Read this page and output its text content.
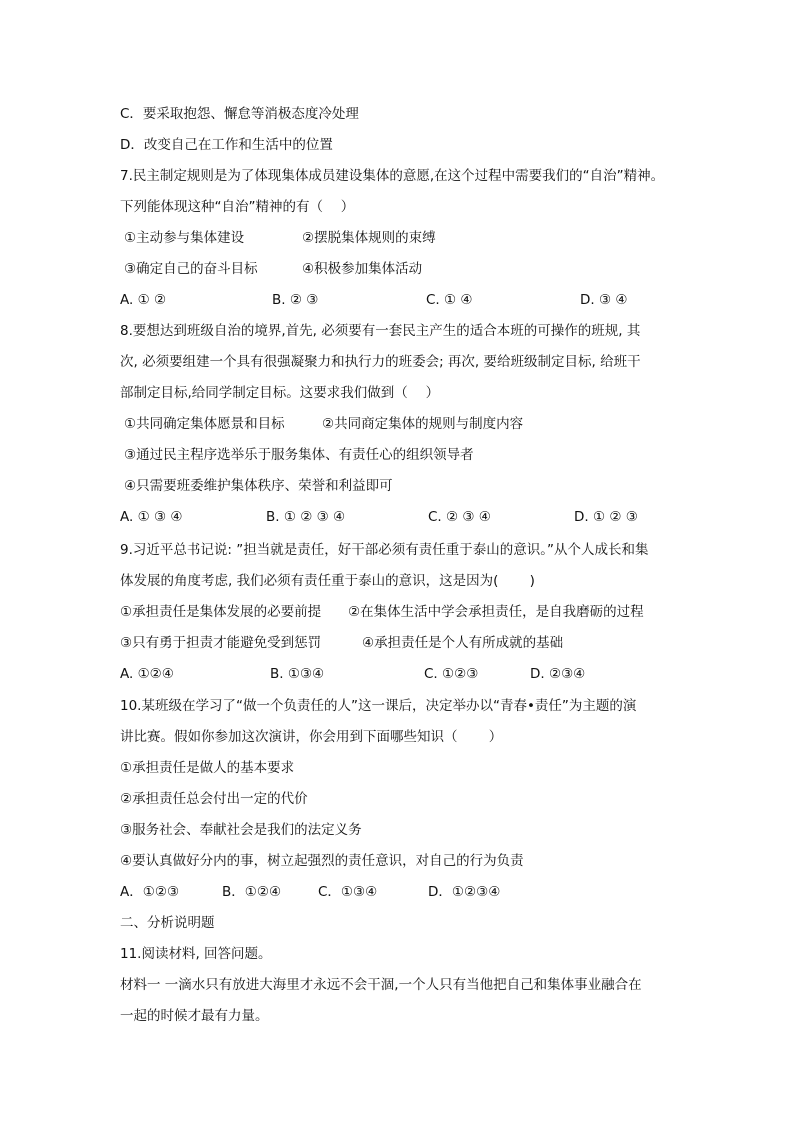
C．要采取抱怨、懈怠等消极态度冷处理
D．改变自己在工作和生活中的位置
7.民主制定规则是为了体现集体成员建设集体的意愿,在这个过程中需要我们的“自治”精神。
下列能体现这种“自治”精神的有（　 ）
①主动参与集体建设	②摆脱集体规则的束缚
③确定自己的奋斗目标	④积极参加集体活动
A. ① ②	B. ② ③	C. ① ④	D. ③ ④
8.要想达到班级自治的境界,首先, 必须要有一套民主产生的适合本班的可操作的班规, 其
次, 必须要组建一个具有很强凝聚力和执行力的班委会; 再次, 要给班级制定目标, 给班干
部制定目标,给同学制定目标。这要求我们做到（　 ）
①共同确定集体愿景和目标	②共同商定集体的规则与制度内容
③通过民主程序选举乐于服务集体、有责任心的组织领导者
④只需要班委维护集体秩序、荣誉和利益即可
A. ① ③ ④	B. ① ② ③ ④	C. ② ③ ④	D. ① ② ③
9.习近平总书记说: ”担当就是责任，好干部必须有责任重于泰山的意识。”从个人成长和集
体发展的角度考虑, 我们必须有责任重于泰山的意识，这是因为(　　 )
①承担责任是集体发展的必要前提 ②在集体生活中学会承担责任，是自我磨砺的过程
③只有勇于担责才能避免受到惩罚	④承担责任是个人有所成就的基础
A. ①②④	B. ①③④	C. ①②③	D. ②③④
10.某班级在学习了“做一个负责任的人”这一课后，决定举办以“青春•责任”为主题的演
讲比赛。假如你参加这次演讲，你会用到下面哪些知识（　　 ）
①承担责任是做人的基本要求
②承担责任总会付出一定的代价
③服务社会、奉献社会是我们的法定义务
④要认真做好分内的事，树立起强烈的责任意识，对自己的行为负责
A．①②③	B．①②④	C．①③④	D．①②③④
二、分析说明题
11.阅读材料, 回答问题。
材料一 一滴水只有放进大海里才永远不会干涸,一个人只有当他把自己和集体事业融合在
一起的时候才最有力量。
